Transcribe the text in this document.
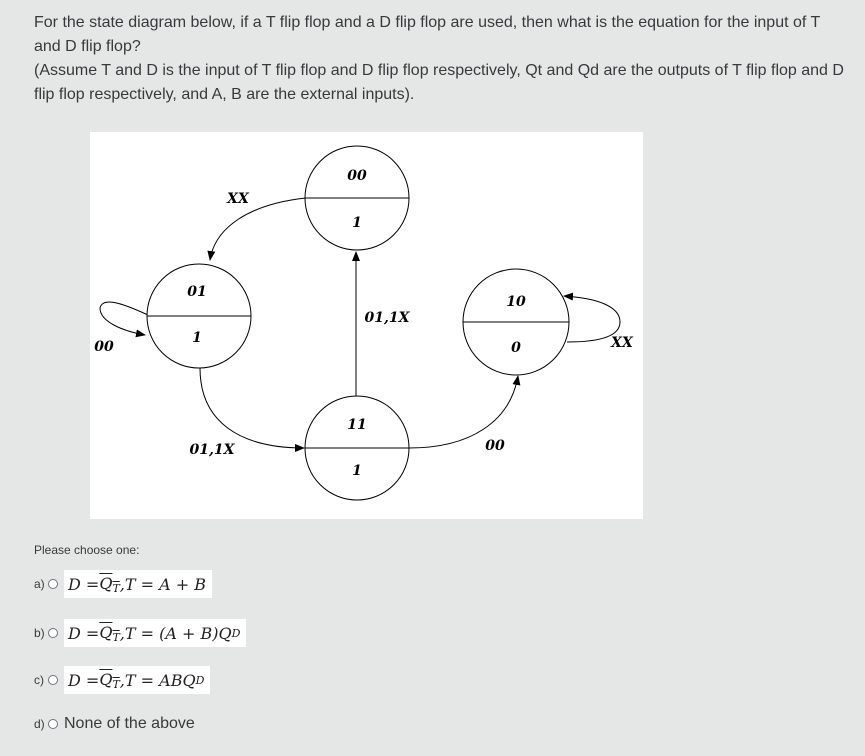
For the state diagram below, if a T flip flop and a D flip flop are used, then what is the equation for the input of T and D flip flop?

(Assume T and D is the input of T flip flop and D flip flop respectively, Qt and Qd are the outputs of T flip flop and D flip flop respectively, and A, B are the external inputs).

00
1
01
1
10
0
11
1
XX
00
01,1X
01,1X
00
XX
Please choose one:
a) $D = Q_T$ ,T =
A + B
b) $D = Q_T$ ,T =
(A + B)Q D
c) $D = Q_T$ ,T =
ABQ D
d) None of the above
